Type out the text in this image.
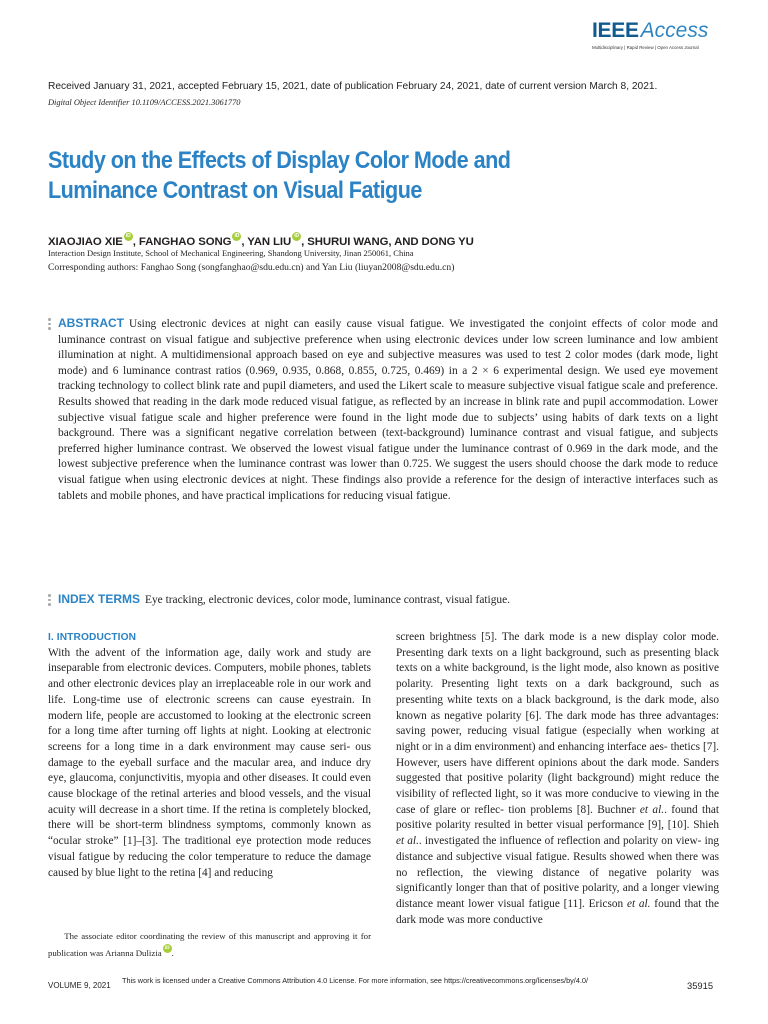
IEEEAccess
Multidisciplinary | Rapid Review | Open Access Journal
Received January 31, 2021, accepted February 15, 2021, date of publication February 24, 2021, date of current version March 8, 2021.
Digital Object Identifier 10.1109/ACCESS.2021.3061770
Study on the Effects of Display Color Mode and Luminance Contrast on Visual Fatigue
XIAOJIAO XIE iD , FANGHAO SONG iD , YAN LIU iD , SHURUI WANG, AND DONG YU
Interaction Design Institute, School of Mechanical Engineering, Shandong University, Jinan 250061, China
Corresponding authors: Fanghao Song (songfanghao@sdu.edu.cn) and Yan Liu (liuyan2008@sdu.edu.cn)
ABSTRACT Using electronic devices at night can easily cause visual fatigue. We investigated the conjoint effects of color mode and luminance contrast on visual fatigue and subjective preference when using electronic devices under low screen luminance and low ambient illumination at night. A multidimensional approach based on eye and subjective measures was used to test 2 color modes (dark mode, light mode) and 6 luminance contrast ratios (0.969, 0.935, 0.868, 0.855, 0.725, 0.469) in a 2 × 6 experimental design. We used eye movement tracking technology to collect blink rate and pupil diameters, and used the Likert scale to measure subjective visual fatigue scale and preference. Results showed that reading in the dark mode reduced visual fatigue, as reflected by an increase in blink rate and pupil accommodation. Lower subjective visual fatigue scale and higher preference were found in the light mode due to subjects’ using habits of dark texts on a light background. There was a significant negative correlation between (text-background) luminance contrast and visual fatigue, and subjects preferred higher luminance contrast. We observed the lowest visual fatigue under the luminance contrast of 0.969 in the dark mode, and the lowest subjective preference when the luminance contrast was lower than 0.725. We suggest the users should choose the dark mode to reduce visual fatigue when using electronic devices at night. These findings also provide a reference for the design of interactive interfaces such as tablets and mobile phones, and have practical implications for reducing visual fatigue.
INDEX TERMS Eye tracking, electronic devices, color mode, luminance contrast, visual fatigue.
I. INTRODUCTION
With the advent of the information age, daily work and study are inseparable from electronic devices. Computers, mobile phones, tablets and other electronic devices play an irreplaceable role in our work and life. Long-time use of electronic screens can cause eyestrain. In modern life, people are accustomed to looking at the electronic screen for a long time after turning off lights at night. Looking at electronic screens for a long time in a dark environment may cause seri- ous damage to the eyeball surface and the macular area, and induce dry eye, glaucoma, conjunctivitis, myopia and other diseases. It could even cause blockage of the retinal arteries and blood vessels, and the visual acuity will decrease in a short time. If the retina is completely blocked, there will be short-term blindness symptoms, commonly known as “ocular stroke” [1]–[3]. The traditional eye protection mode reduces visual fatigue by reducing the color temperature to reduce the damage caused by blue light to the retina [4] and reducing
screen brightness [5]. The dark mode is a new display color mode. Presenting dark texts on a light background, such as presenting black texts on a white background, is the light mode, also known as positive polarity. Presenting light texts on a dark background, such as presenting white texts on a black background, is the dark mode, also known as negative polarity [6]. The dark mode has three advantages: saving power, reducing visual fatigue (especially when working at night or in a dim environment) and enhancing interface aes- thetics [7]. However, users have different opinions about the dark mode. Sanders suggested that positive polarity (light background) might reduce the visibility of reflected light, so it was more conducive to viewing in the case of glare or reflec- tion problems [8]. Buchner et al.. found that positive polarity resulted in better visual performance [9], [10]. Shieh et al.. investigated the influence of reflection and polarity on view- ing distance and subjective visual fatigue. Results showed when there was no reflection, the viewing distance of negative polarity was significantly longer than that of positive polarity, and a longer viewing distance meant lower visual fatigue [11]. Ericson et al. found that the dark mode was more conductive
The associate editor coordinating the review of this manuscript and approving it for publication was Arianna Dulizia iD .
VOLUME 9, 2021
This work is licensed under a Creative Commons Attribution 4.0 License. For more information, see https://creativecommons.org/licenses/by/4.0/	35915
